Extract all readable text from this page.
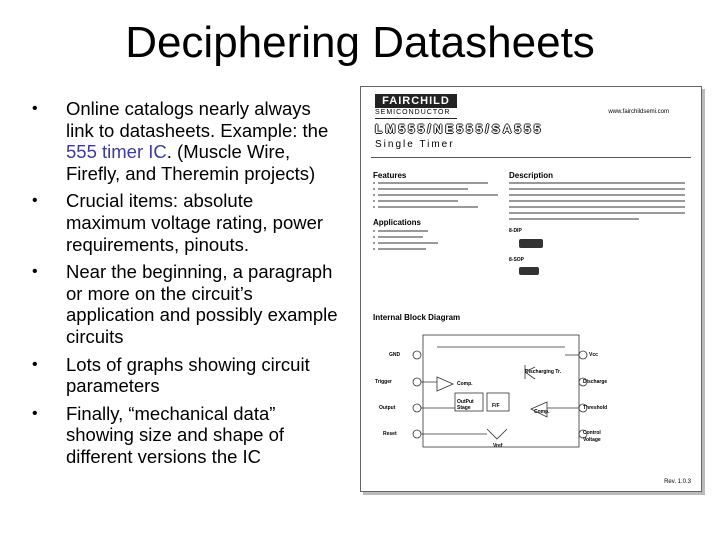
Deciphering Datasheets
• Online catalogs nearly always link to datasheets. Example: the 555 timer IC. (Muscle Wire, Firefly, and Theremin projects)
• Crucial items: absolute maximum voltage rating, power requirements, pinouts.
• Near the beginning, a paragraph or more on the circuit’s application and possibly example circuits
• Lots of graphs showing circuit parameters
• Finally, “mechanical data” showing size and shape of different versions the IC
FAIRCHILD
SEMICONDUCTOR	www.fairchildsemi.com
LM555/NE555/SA555
Single Timer
Features	Description
Applications
8-DIP
8-SOP
Internal Block Diagram
GND
Trigger
Output
Reset
Vcc
Discharge
Threshold
Control
Voltage
Comp.
Comp.
F/F
OutPut Stage
Discharging Tr.
Vref
Rev. 1.0.3
